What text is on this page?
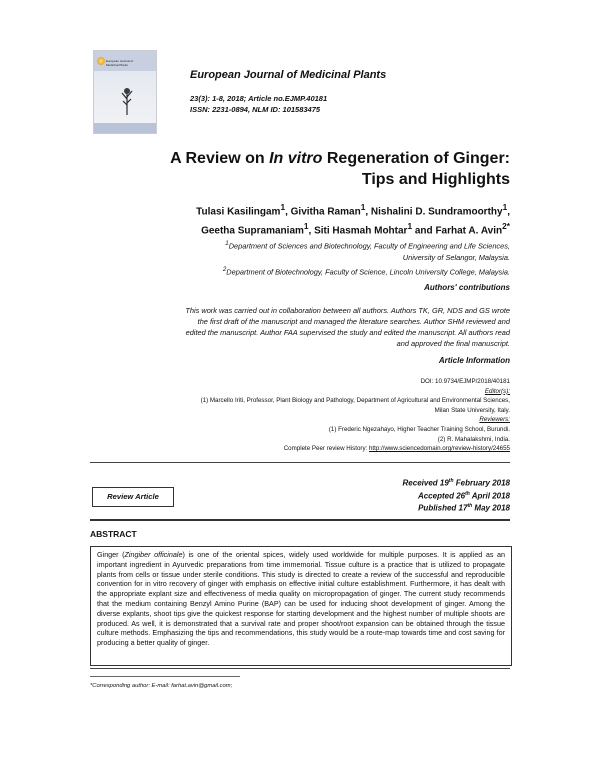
European Journal of
Medicinal Plants
European Journal of Medicinal Plants
23(3): 1-8, 2018; Article no.EJMP.40181
ISSN: 2231-0894, NLM ID: 101583475
A Review on In vitro Regeneration of Ginger:
Tips and Highlights
Tulasi Kasilingam$^1$, Givitha Raman$^1$, Nishalini D. Sundramoorthy$^1$,
Geetha Supramaniam$^1$, Siti Hasmah Mohtar$^1$ and Farhat A. Avin$^{2*}$
$^1$Department of Sciences and Biotechnology, Faculty of Engineering and Life Sciences,
University of Selangor, Malaysia.
$^2$Department of Biotechnology, Faculty of Science, Lincoln University College, Malaysia.
Authors' contributions
This work was carried out in collaboration between all authors. Authors TK, GR, NDS and GS wrote
the first draft of the manuscript and managed the literature searches. Author SHM reviewed and
edited the manuscript. Author FAA supervised the study and edited the manuscript. All authors read
and approved the final manuscript.
Article Information
DOI: 10.9734/EJMP/2018/40181
Editor(s):
(1) Marcello Iriti, Professor, Plant Biology and Pathology, Department of Agricultural and Environmental Sciences,
Milan State University, Italy.
Reviewers:
(1) Frederic Ngezahayo, Higher Teacher Training School, Burundi.
(2) R. Mahalakshmi, India.
Complete Peer review History: http://www.sciencedomain.org/review-history/24655
Review Article
Received 19th February 2018
Accepted 26th April 2018
Published 17th May 2018
ABSTRACT
Ginger (Zingiber officinale) is one of the oriental spices, widely used worldwide for multiple purposes. It is applied as an important ingredient in Ayurvedic preparations from time immemorial. Tissue culture is a practice that is utilized to propagate plants from cells or tissue under sterile conditions. This study is directed to create a review of the successful and reproducible convention for in vitro recovery of ginger with emphasis on effective initial culture establishment. Furthermore, it has dealt with the appropriate explant size and effectiveness of media quality on micropropagation of ginger. The current study recommends that the medium containing Benzyl Amino Purine (BAP) can be used for inducing shoot development of ginger. Among the diverse explants, shoot tips give the quickest response for starting development and the highest number of multiple shoots are produced. As well, it is demonstrated that a survival rate and proper shoot/root expansion can be obtained through the tissue culture methods. Emphasizing the tips and recommendations, this study would be a route-map towards time and cost saving for producing a better quality of ginger.
*Corresponding author: E-mail: farhat.avin@gmail.com;
